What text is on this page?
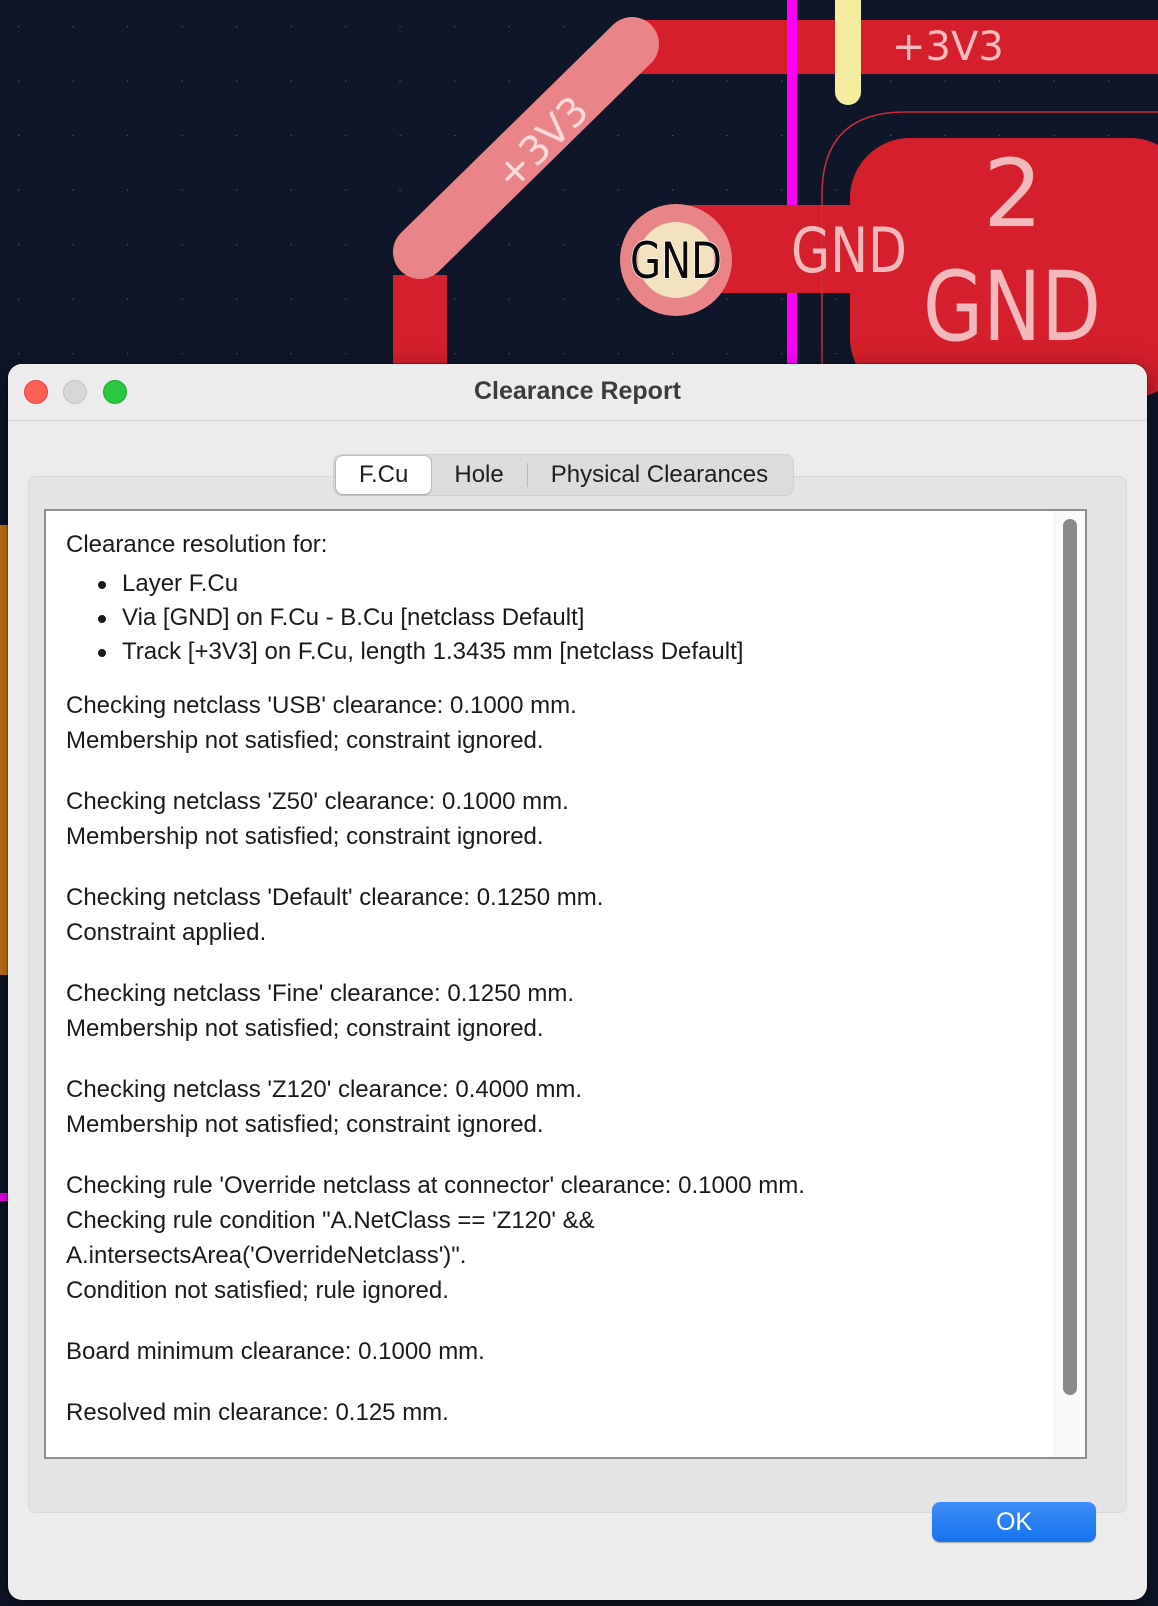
+3V3
+3V3
GND GND
2
GND
Clearance Report
F.Cu	Hole	Physical Clearances

Clearance resolution for:

Layer F.Cu
Via [GND] on F.Cu - B.Cu [netclass Default]
Track [+3V3] on F.Cu, length 1.3435 mm [netclass Default]

Checking netclass 'USB' clearance: 0.1000 mm.
Membership not satisfied; constraint ignored.

Checking netclass 'Z50' clearance: 0.1000 mm.
Membership not satisfied; constraint ignored.

Checking netclass 'Default' clearance: 0.1250 mm.
Constraint applied.

Checking netclass 'Fine' clearance: 0.1250 mm.
Membership not satisfied; constraint ignored.

Checking netclass 'Z120' clearance: 0.4000 mm.
Membership not satisfied; constraint ignored.

Checking rule 'Override netclass at connector' clearance: 0.1000 mm.
Checking rule condition "A.NetClass == 'Z120' &&
A.intersectsArea('OverrideNetclass')".
Condition not satisfied; rule ignored.

Board minimum clearance: 0.1000 mm.

Resolved min clearance: 0.125 mm.

OK
